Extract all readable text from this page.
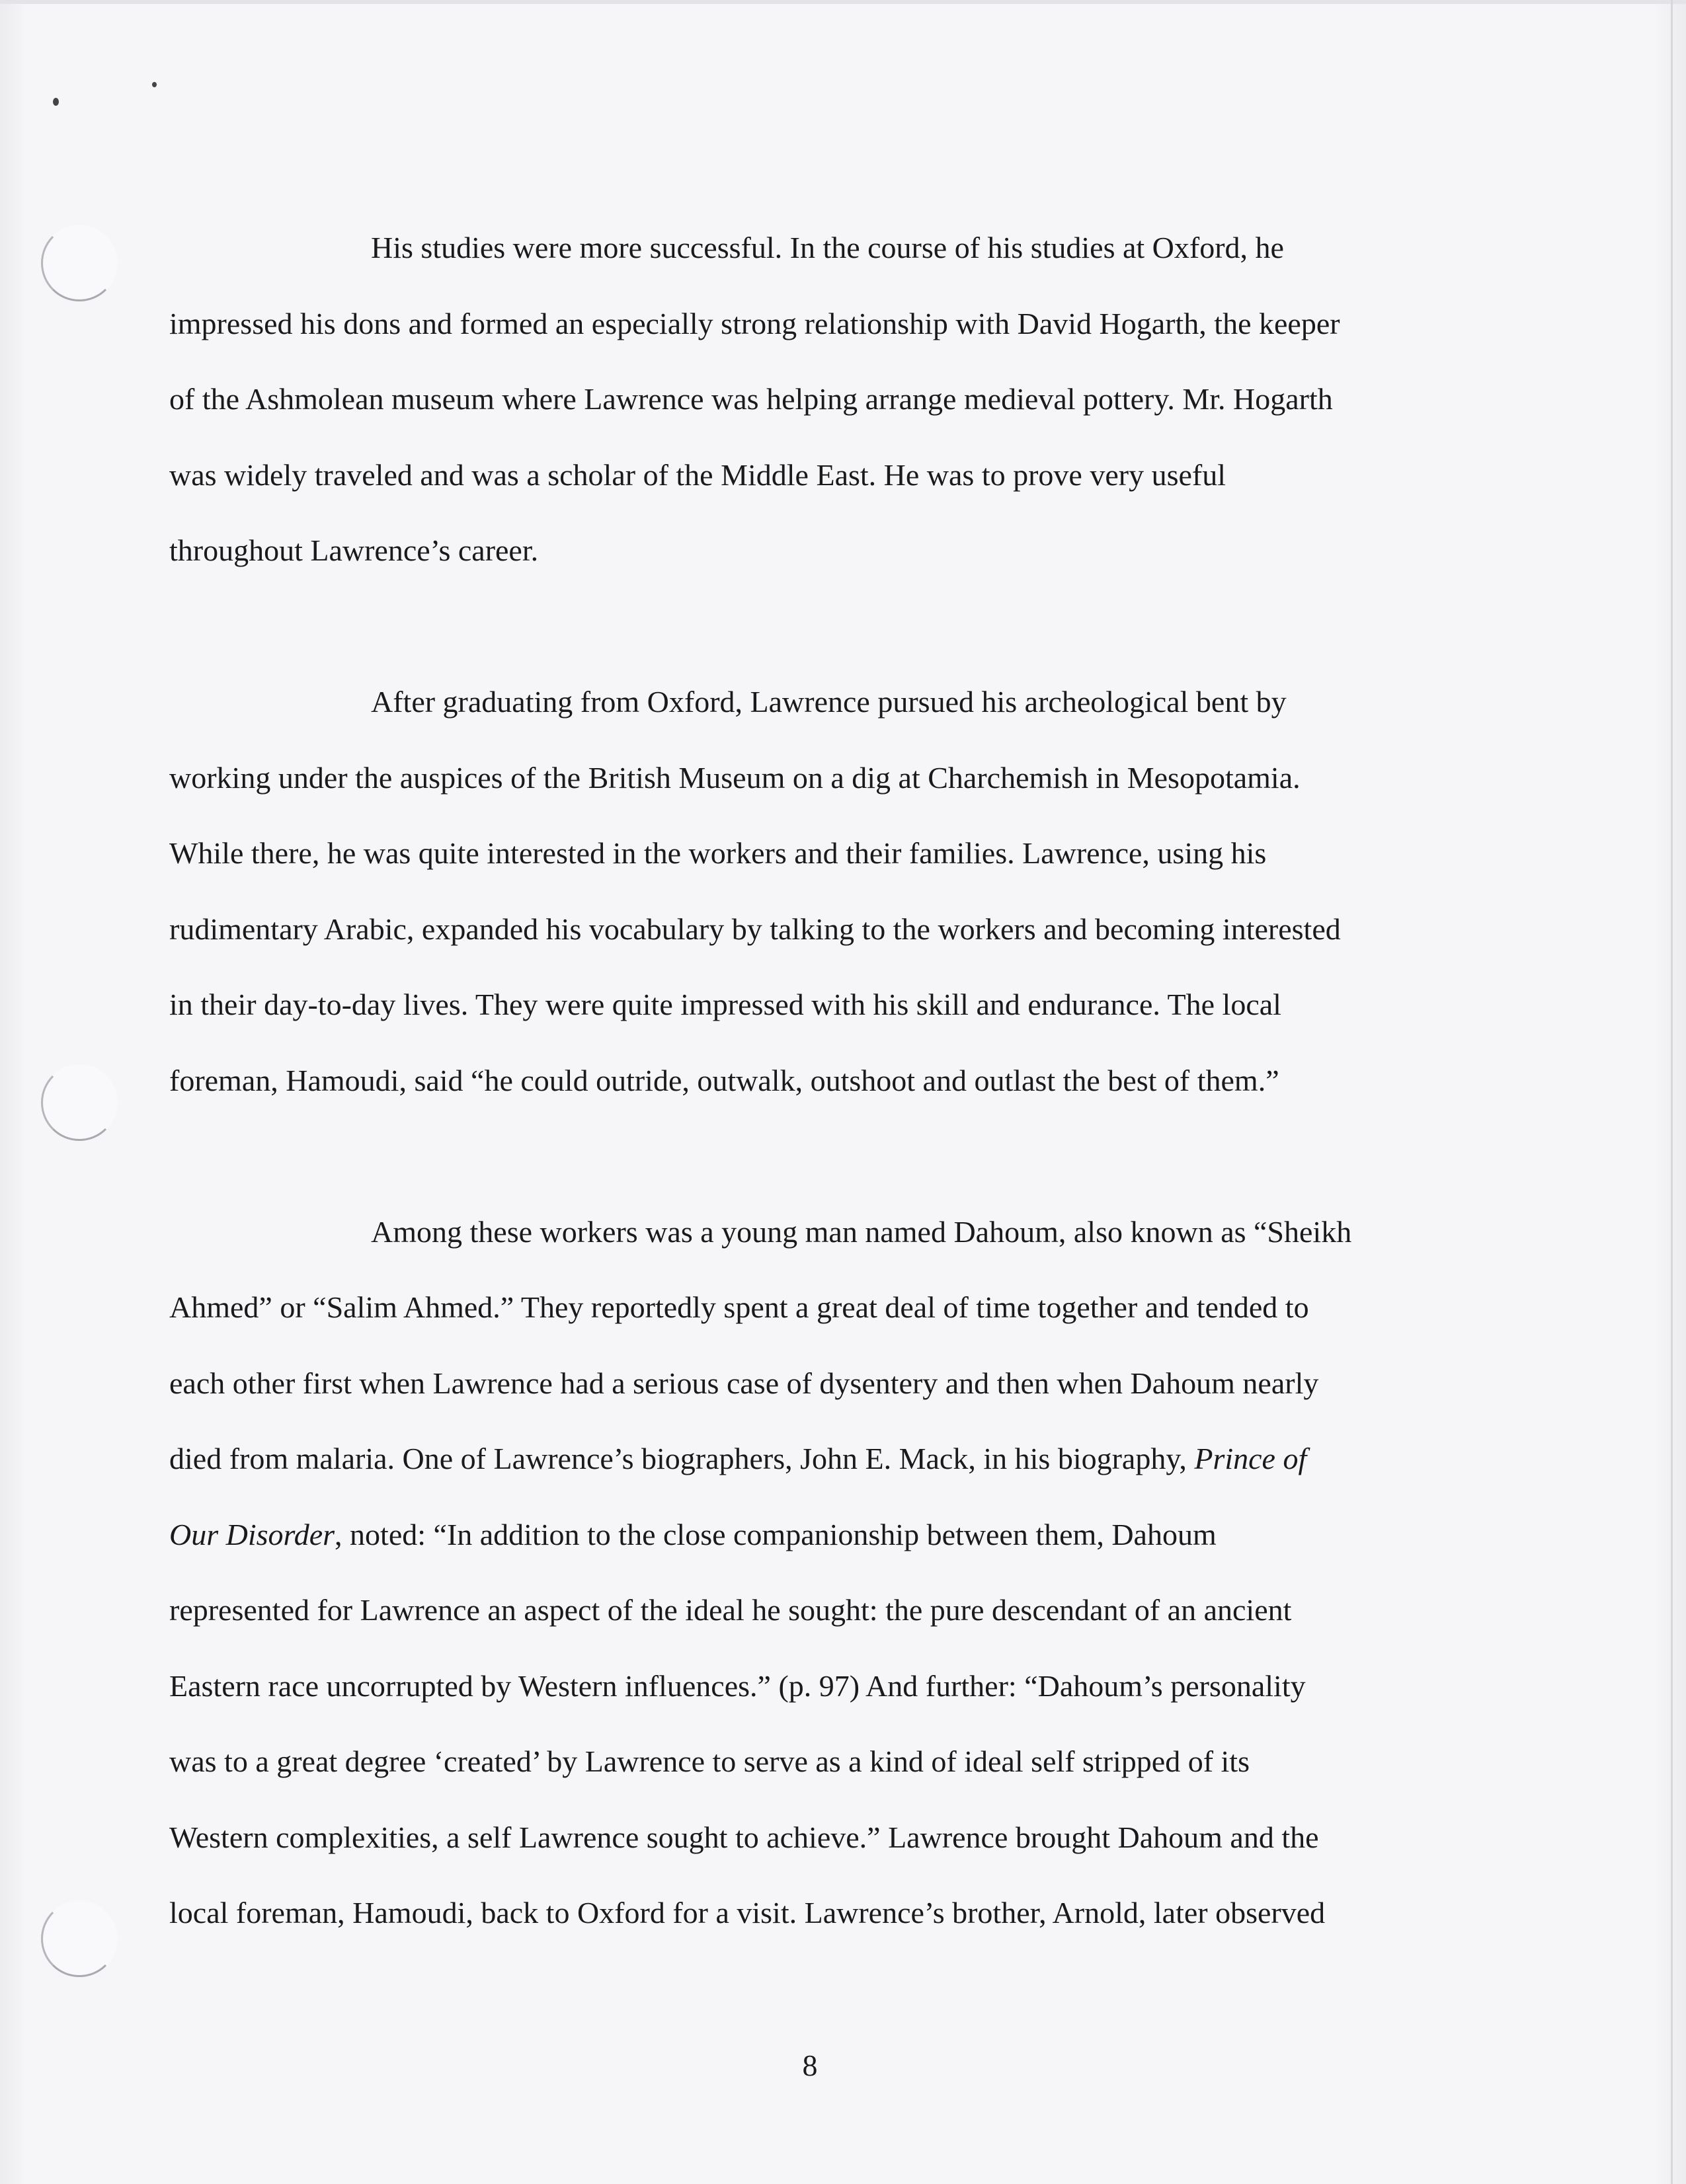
His studies were more successful. In the course of his studies at Oxford, he
impressed his dons and formed an especially strong relationship with David Hogarth, the keeper
of the Ashmolean museum where Lawrence was helping arrange medieval pottery. Mr. Hogarth
was widely traveled and was a scholar of the Middle East. He was to prove very useful
throughout Lawrence’s career.
After graduating from Oxford, Lawrence pursued his archeological bent by
working under the auspices of the British Museum on a dig at Charchemish in Mesopotamia.
While there, he was quite interested in the workers and their families. Lawrence, using his
rudimentary Arabic, expanded his vocabulary by talking to the workers and becoming interested
in their day-to-day lives. They were quite impressed with his skill and endurance. The local
foreman, Hamoudi, said “he could outride, outwalk, outshoot and outlast the best of them.”
Among these workers was a young man named Dahoum, also known as “Sheikh
Ahmed” or “Salim Ahmed.” They reportedly spent a great deal of time together and tended to
each other first when Lawrence had a serious case of dysentery and then when Dahoum nearly
died from malaria. One of Lawrence’s biographers, John E. Mack, in his biography, Prince of
Our Disorder, noted: “In addition to the close companionship between them, Dahoum
represented for Lawrence an aspect of the ideal he sought: the pure descendant of an ancient
Eastern race uncorrupted by Western influences.” (p. 97) And further: “Dahoum’s personality
was to a great degree ‘created’ by Lawrence to serve as a kind of ideal self stripped of its
Western complexities, a self Lawrence sought to achieve.” Lawrence brought Dahoum and the
local foreman, Hamoudi, back to Oxford for a visit. Lawrence’s brother, Arnold, later observed
8
